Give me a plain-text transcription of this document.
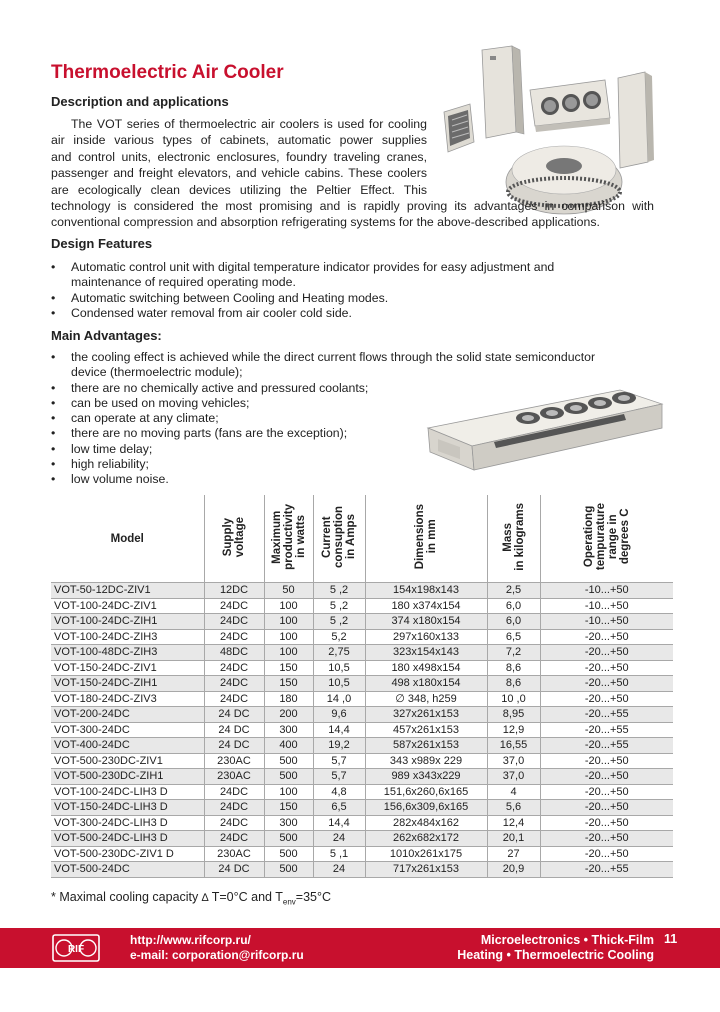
Thermoelectric Air Cooler
Description and applications
The VOT series of thermoelectric air coolers is used for cooling
air inside various types of cabinets, automatic power supplies
and control units, electronic enclosures, foundry traveling cranes,
passenger and freight elevators, and vehicle cabins. These coolers
are ecologically clean devices utilizing the Peltier Effect. This
technology is considered the most promising and is rapidly proving its advantages in comparison with
conventional compression and absorption refrigerating systems for the above-described applications.
Design Features
• Automatic control unit with digital temperature indicator provides for easy adjustment and
maintenance of required operating mode.
• Automatic switching between Cooling and Heating modes.
• Condensed water removal from air cooler cold side.
Main Advantages:
• the cooling effect is achieved while the direct current flows through the solid state semiconductor
device (thermoelectric module);
• there are no chemically active and pressured coolants;
• can be used on moving vehicles;
• can operate at any climate;
• there are no moving parts (fans are the exception);
• low time delay;
• high reliability;
• low volume noise.
Model	Supply
voltage	Maximum
productivity
in watts	Current
consuption
in Amps	Dimensions
in mm	Mass
in kilograms	Operationg
tempurature
range in
degrees C
VOT-50-12DC-ZIV1	12DC	50	5 ,2	154x198x143	2,5	-10...+50
VOT-100-24DC-ZIV1	24DC	100	5 ,2	180 x374x154	6,0	-10...+50
VOT-100-24DC-ZIH1	24DC	100	5 ,2	374 x180x154	6,0	-10...+50
VOT-100-24DC-ZIH3	24DC	100	5,2	297x160x133	6,5	-20...+50
VOT-100-48DC-ZIH3	48DC	100	2,75	323x154x143	7,2	-20...+50
VOT-150-24DC-ZIV1	24DC	150	10,5	180 x498x154	8,6	-20...+50
VOT-150-24DC-ZIH1	24DC	150	10,5	498 x180x154	8,6	-20...+50
VOT-180-24DC-ZIV3	24DC	180	14 ,0	∅ 348, h259	10 ,0	-20...+50
VOT-200-24DC	24 DC	200	9,6	327x261x153	8,95	-20...+55
VOT-300-24DC	24 DC	300	14,4	457x261x153	12,9	-20...+55
VOT-400-24DC	24 DC	400	19,2	587x261x153	16,55	-20...+55
VOT-500-230DC-ZIV1	230AC	500	5,7	343 x989x 229	37,0	-20...+50
VOT-500-230DC-ZIH1	230AC	500	5,7	989 x343x229	37,0	-20...+50
VOT-100-24DC-LIH3 D	24DC	100	4,8	151,6x260,6x165	4	-20...+50
VOT-150-24DC-LIH3 D	24DC	150	6,5	156,6x309,6x165	5,6	-20...+50
VOT-300-24DC-LIH3 D	24DC	300	14,4	282x484x162	12,4	-20...+50
VOT-500-24DC-LIH3 D	24DC	500	24	262x682x172	20,1	-20...+50
VOT-500-230DC-ZIV1 D	230AC	500	5 ,1	1010x261x175	27	-20...+50
VOT-500-24DC	24 DC	500	24	717x261x153	20,9	-20...+55
* Maximal cooling capacity ∆ T=0°C and $T_{env}=35^\circ C$
RIF
http://www.rifcorp.ru/
e-mail: corporation@rifcorp.ru
Microelectronics • Thick-Film
Heating • Thermoelectric Cooling
11
